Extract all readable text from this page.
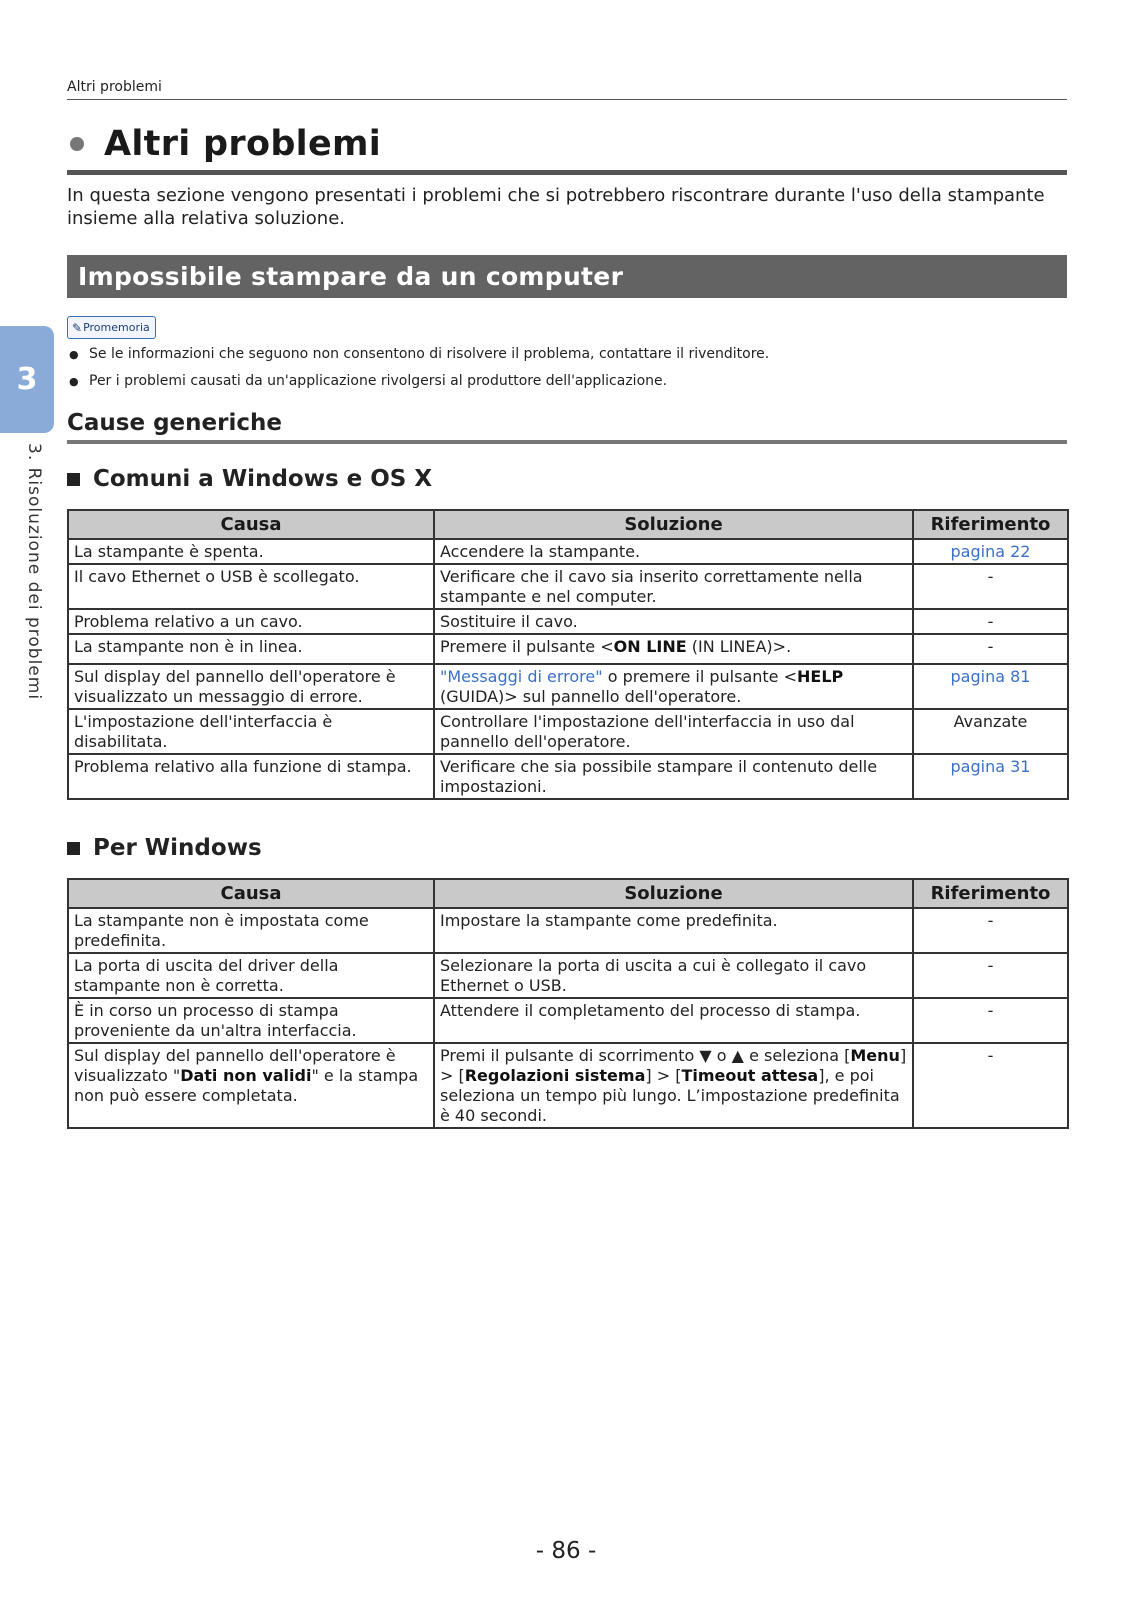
Altri problemi
Altri problemi

In questa sezione vengono presentati i problemi che si potrebbero riscontrare durante l'uso della stampante insieme alla relativa soluzione.

Impossibile stampare da un computer
✎ Promemoria
● Se le informazioni che seguono non consentono di risolvere il problema, contattare il rivenditore.
● Per i problemi causati da un'applicazione rivolgersi al produttore dell'applicazione.
3
3. Risoluzione dei problemi
Cause generiche
Comuni a Windows e OS X
Causa	Soluzione	Riferimento
La stampante è spenta.	Accendere la stampante.	pagina 22
Il cavo Ethernet o USB è scollegato.	Verificare che il cavo sia inserito correttamente nella stampante e nel computer.	-
Problema relativo a un cavo.	Sostituire il cavo.	-
La stampante non è in linea.	Premere il pulsante <ON LINE (IN LINEA)>.	-
Sul display del pannello dell'operatore è visualizzato un messaggio di errore.	"Messaggi di errore" o premere il pulsante <HELP (GUIDA)> sul pannello dell'operatore.	pagina 81
L'impostazione dell'interfaccia è disabilitata.	Controllare l'impostazione dell'interfaccia in uso dal pannello dell'operatore.	Avanzate
Problema relativo alla funzione di stampa.	Verificare che sia possibile stampare il contenuto delle impostazioni.	pagina 31
Per Windows
Causa	Soluzione	Riferimento
La stampante non è impostata come predefinita.	Impostare la stampante come predefinita.	-
La porta di uscita del driver della stampante non è corretta.	Selezionare la porta di uscita a cui è collegato il cavo Ethernet o USB.	-
È in corso un processo di stampa proveniente da un'altra interfaccia.	Attendere il completamento del processo di stampa.	-
Sul display del pannello dell'operatore è visualizzato "Dati non validi" e la stampa non può essere completata.	Premi il pulsante di scorrimento ▼ o ▲ e seleziona [Menu] > [Regolazioni sistema] > [Timeout attesa], e poi seleziona un tempo più lungo. L’impostazione predefinita è 40 secondi.	-
- 86 -
